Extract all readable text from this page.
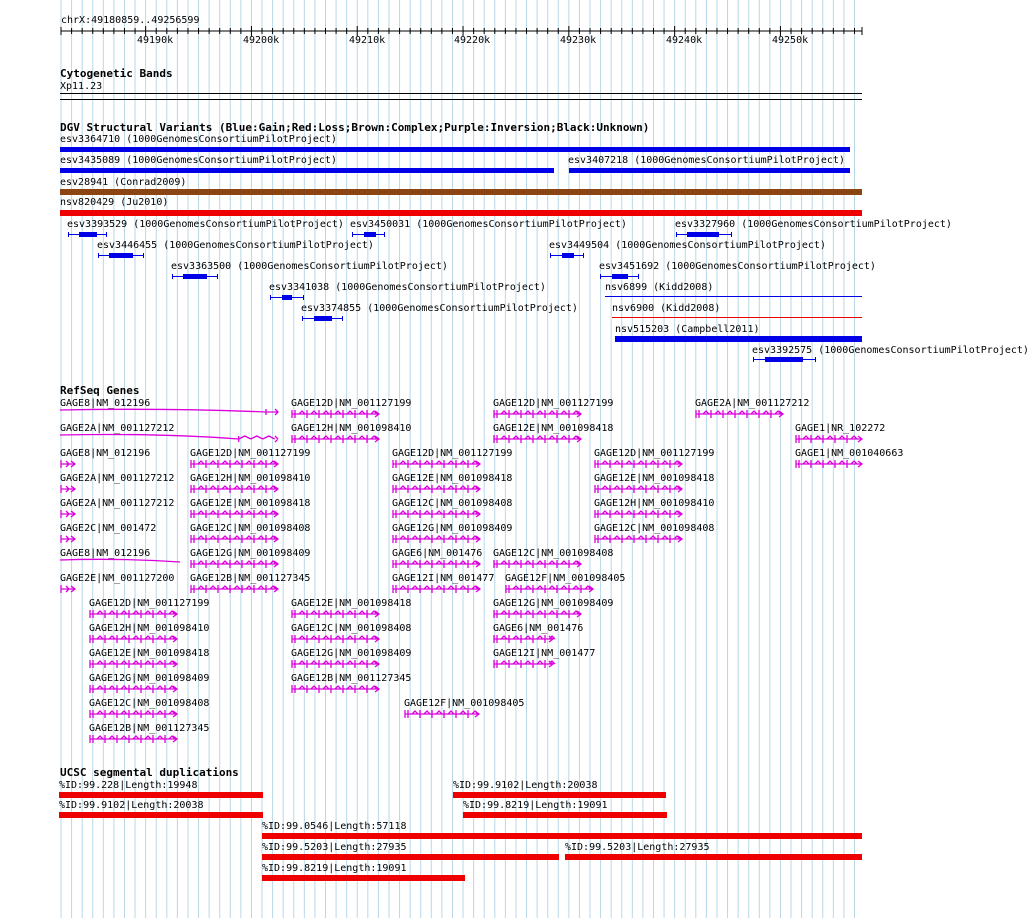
chrX:49180859..49256599
49190k	49200k	49210k	49220k	49230k	49240k	49250k
Cytogenetic Bands
Xp11.23
DGV Structural Variants (Blue:Gain;Red:Loss;Brown:Complex;Purple:Inversion;Black:Unknown)
RefSeq Genes
UCSC segmental duplications
esv3364710 (1000GenomesConsortiumPilotProject)
esv3435089 (1000GenomesConsortiumPilotProject)	esv3407218 (1000GenomesConsortiumPilotProject)
esv28941 (Conrad2009)
nsv820429 (Ju2010)
esv3393529 (1000GenomesConsortiumPilotProject) esv3450031 (1000GenomesConsortiumPilotProject)	esv3327960 (1000GenomesConsortiumPilotProject)
esv3446455 (1000GenomesConsortiumPilotProject)	esv3449504 (1000GenomesConsortiumPilotProject)
esv3363500 (1000GenomesConsortiumPilotProject)	esv3451692 (1000GenomesConsortiumPilotProject)
esv3341038 (1000GenomesConsortiumPilotProject)	nsv6899 (Kidd2008)
esv3374855 (1000GenomesConsortiumPilotProject)	nsv6900 (Kidd2008)
nsv515203 (Campbell2011)
esv3392575 (1000GenomesConsortiumPilotProject)
GAGE8|NM_012196	GAGE12D|NM_001127199	GAGE12D|NM_001127199	GAGE2A|NM_001127212
GAGE2A|NM_001127212	GAGE12H|NM_001098410	GAGE12E|NM_001098418	GAGE1|NR_102272
GAGE8|NM_012196	GAGE12D|NM_001127199	GAGE12D|NM_001127199	GAGE12D|NM_001127199	GAGE1|NM_001040663
GAGE2A|NM_001127212 GAGE12H|NM_001098410	GAGE12E|NM_001098418	GAGE12E|NM_001098418
GAGE2A|NM_001127212 GAGE12E|NM_001098418	GAGE12C|NM_001098408	GAGE12H|NM_001098410
GAGE2C|NM_001472	GAGE12C|NM_001098408	GAGE12G|NM_001098409	GAGE12C|NM_001098408
GAGE8|NM_012196	GAGE12G|NM_001098409	GAGE6|NM_001476 GAGE12C|NM_001098408
GAGE2E|NM_001127200 GAGE12B|NM_001127345	GAGE12I|NM_001477 GAGE12F|NM_001098405
GAGE12D|NM_001127199	GAGE12E|NM_001098418	GAGE12G|NM_001098409
GAGE12H|NM_001098410	GAGE12C|NM_001098408	GAGE6|NM_001476
GAGE12E|NM_001098418	GAGE12G|NM_001098409	GAGE12I|NM_001477
GAGE12G|NM_001098409	GAGE12B|NM_001127345
GAGE12C|NM_001098408	GAGE12F|NM_001098405
GAGE12B|NM_001127345
%ID:99.228|Length:19948
%ID:99.9102|Length:20038
%ID:99.9102|Length:20038
%ID:99.8219|Length:19091
%ID:99.0546|Length:57118
%ID:99.5203|Length:27935	%ID:99.5203|Length:27935
%ID:99.8219|Length:19091
